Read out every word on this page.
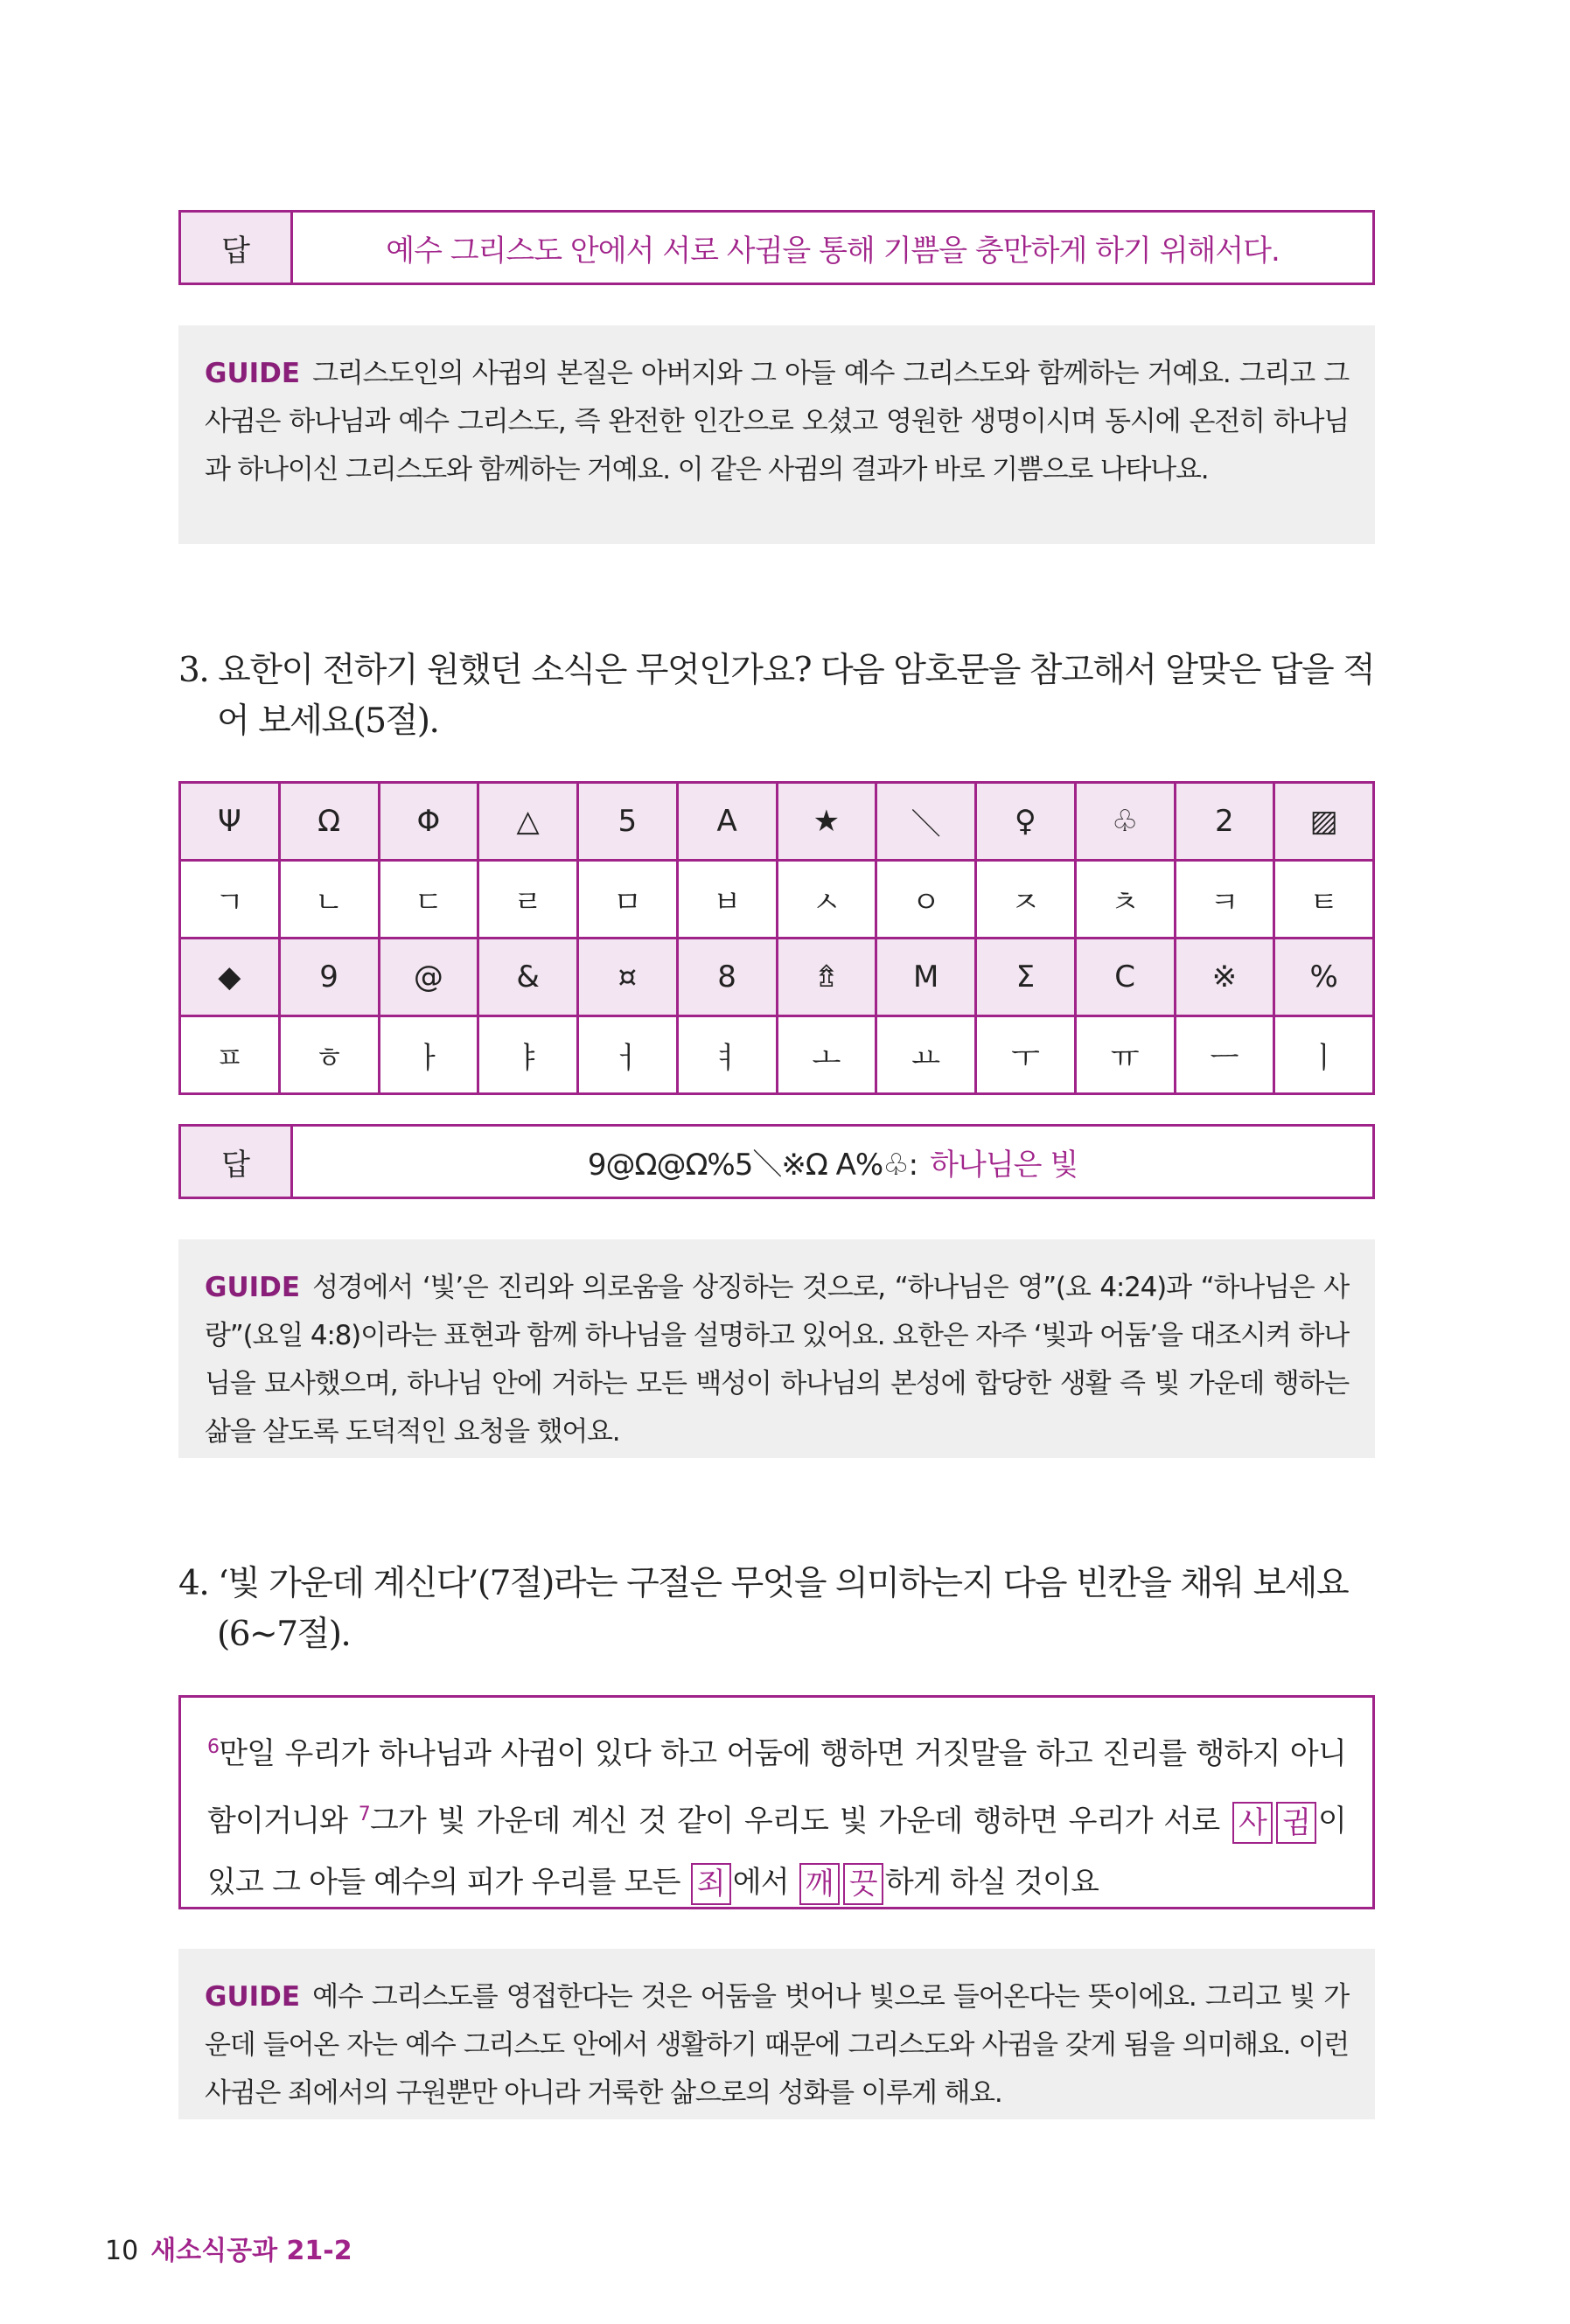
답	예수 그리스도 안에서 서로 사귐을 통해 기쁨을 충만하게 하기 위해서다.
GUIDE 그리스도인의 사귐의 본질은 아버지와 그 아들 예수 그리스도와 함께하는 거예요. 그리고 그 사귐은 하나님과 예수 그리스도, 즉 완전한 인간으로 오셨고 영원한 생명이시며 동시에 온전히 하나님과 하나이신 그리스도와 함께하는 거예요. 이 같은 사귐의 결과가 바로 기쁨으로 나타나요.
3. 요한이 전하기 원했던 소식은 무엇인가요? 다음 암호문을 참고해서 알맞은 답을 적
어 보세요(5절).
Ψ	Ω	Φ	△	5	A	★	＼	♀	♧	2	▨
ㄱ	ㄴ	ㄷ	ㄹ	ㅁ	ㅂ	ㅅ	ㅇ	ㅈ	ㅊ	ㅋ	ㅌ
◆	9	@	&	¤	8	⇯	M	Σ	C	※	%
ㅍ	ㅎ	ㅏ	ㅑ	ㅓ	ㅕ	ㅗ	ㅛ	ㅜ	ㅠ	ㅡ	ㅣ
답	9@Ω@Ω%5＼※Ω A%♧: 하나님은 빛
GUIDE 성경에서 ‘빛’은 진리와 의로움을 상징하는 것으로, “하나님은 영”(요 4:24)과 “하나님은 사랑”(요일 4:8)이라는 표현과 함께 하나님을 설명하고 있어요. 요한은 자주 ‘빛과 어둠’을 대조시켜 하나님을 묘사했으며, 하나님 안에 거하는 모든 백성이 하나님의 본성에 합당한 생활 즉 빛 가운데 행하는 삶을 살도록 도덕적인 요청을 했어요.
4. ‘빛 가운데 계신다’(7절)라는 구절은 무엇을 의미하는지 다음 빈칸을 채워 보세요
(6~7절).
$^6$만일 우리가 하나님과 사귐이 있다 하고 어둠에 행하면 거짓말을 하고 진리를 행하지 아니함이거니와 $^7$그가 빛 가운데 계신 것 같이 우리도 빛 가운데 행하면 우리가 서로 사 귐 이 있고 그 아들 예수의 피가 우리를 모든 죄 에서 깨 끗 하게 하실 것이요
GUIDE 예수 그리스도를 영접한다는 것은 어둠을 벗어나 빛으로 들어온다는 뜻이에요. 그리고 빛 가운데 들어온 자는 예수 그리스도 안에서 생활하기 때문에 그리스도와 사귐을 갖게 됨을 의미해요. 이런 사귐은 죄에서의 구원뿐만 아니라 거룩한 삶으로의 성화를 이루게 해요.
10 새소식공과 21-2
